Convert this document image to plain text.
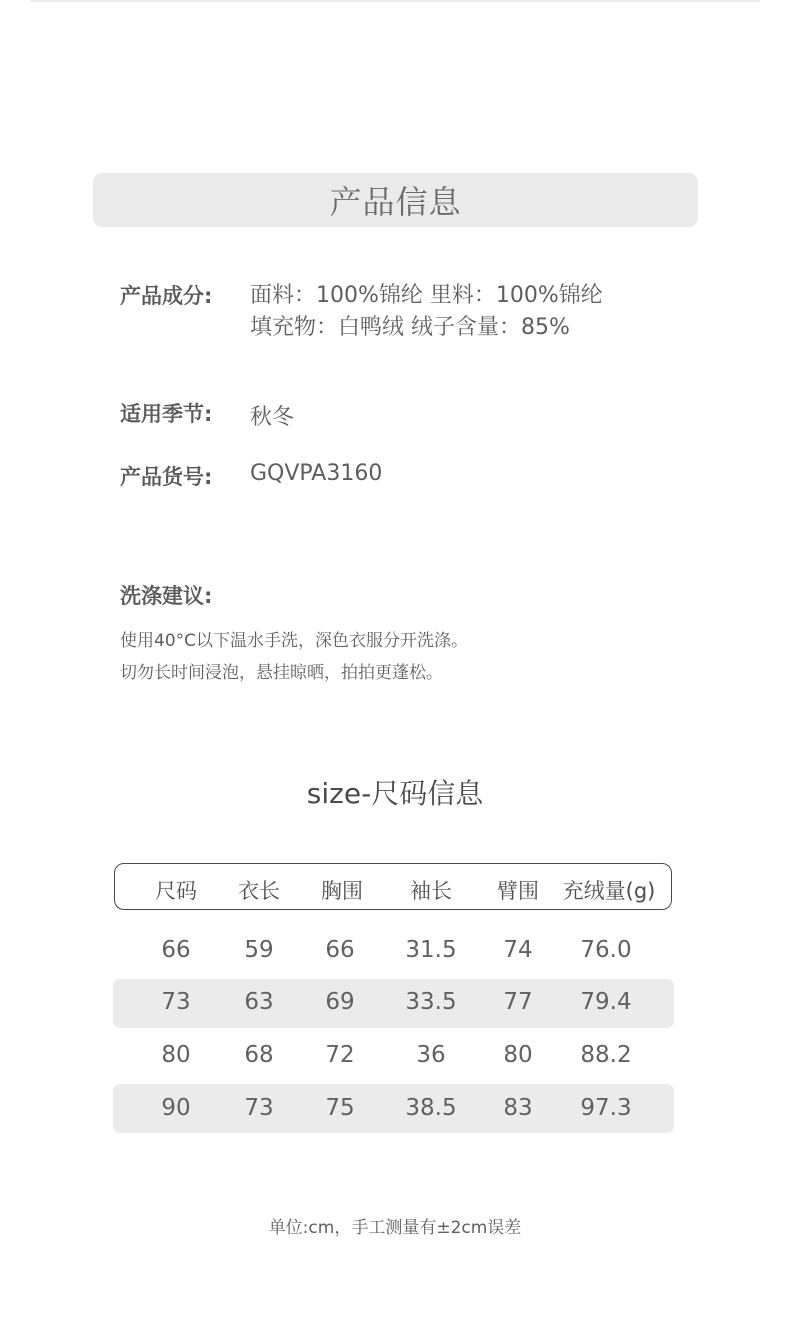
产品信息
产品成分: 面料：100%锦纶 里料：100%锦纶
填充物：白鸭绒 绒子含量：85%
适用季节: 秋冬
产品货号: GQVPA3160
洗涤建议:
使用40°C以下温水手洗，深色衣服分开洗涤。
切勿长时间浸泡，悬挂晾晒，拍拍更蓬松。
size-尺码信息
尺码 衣长 胸围 袖长 臂围 充绒量(g)
66 59 66 31.5 74 76.0
73 63 69 33.5 77 79.4
80 68 72	36	80 88.2
90 73 75 38.5 83 97.3
单位:cm，手工测量有±2cm误差
